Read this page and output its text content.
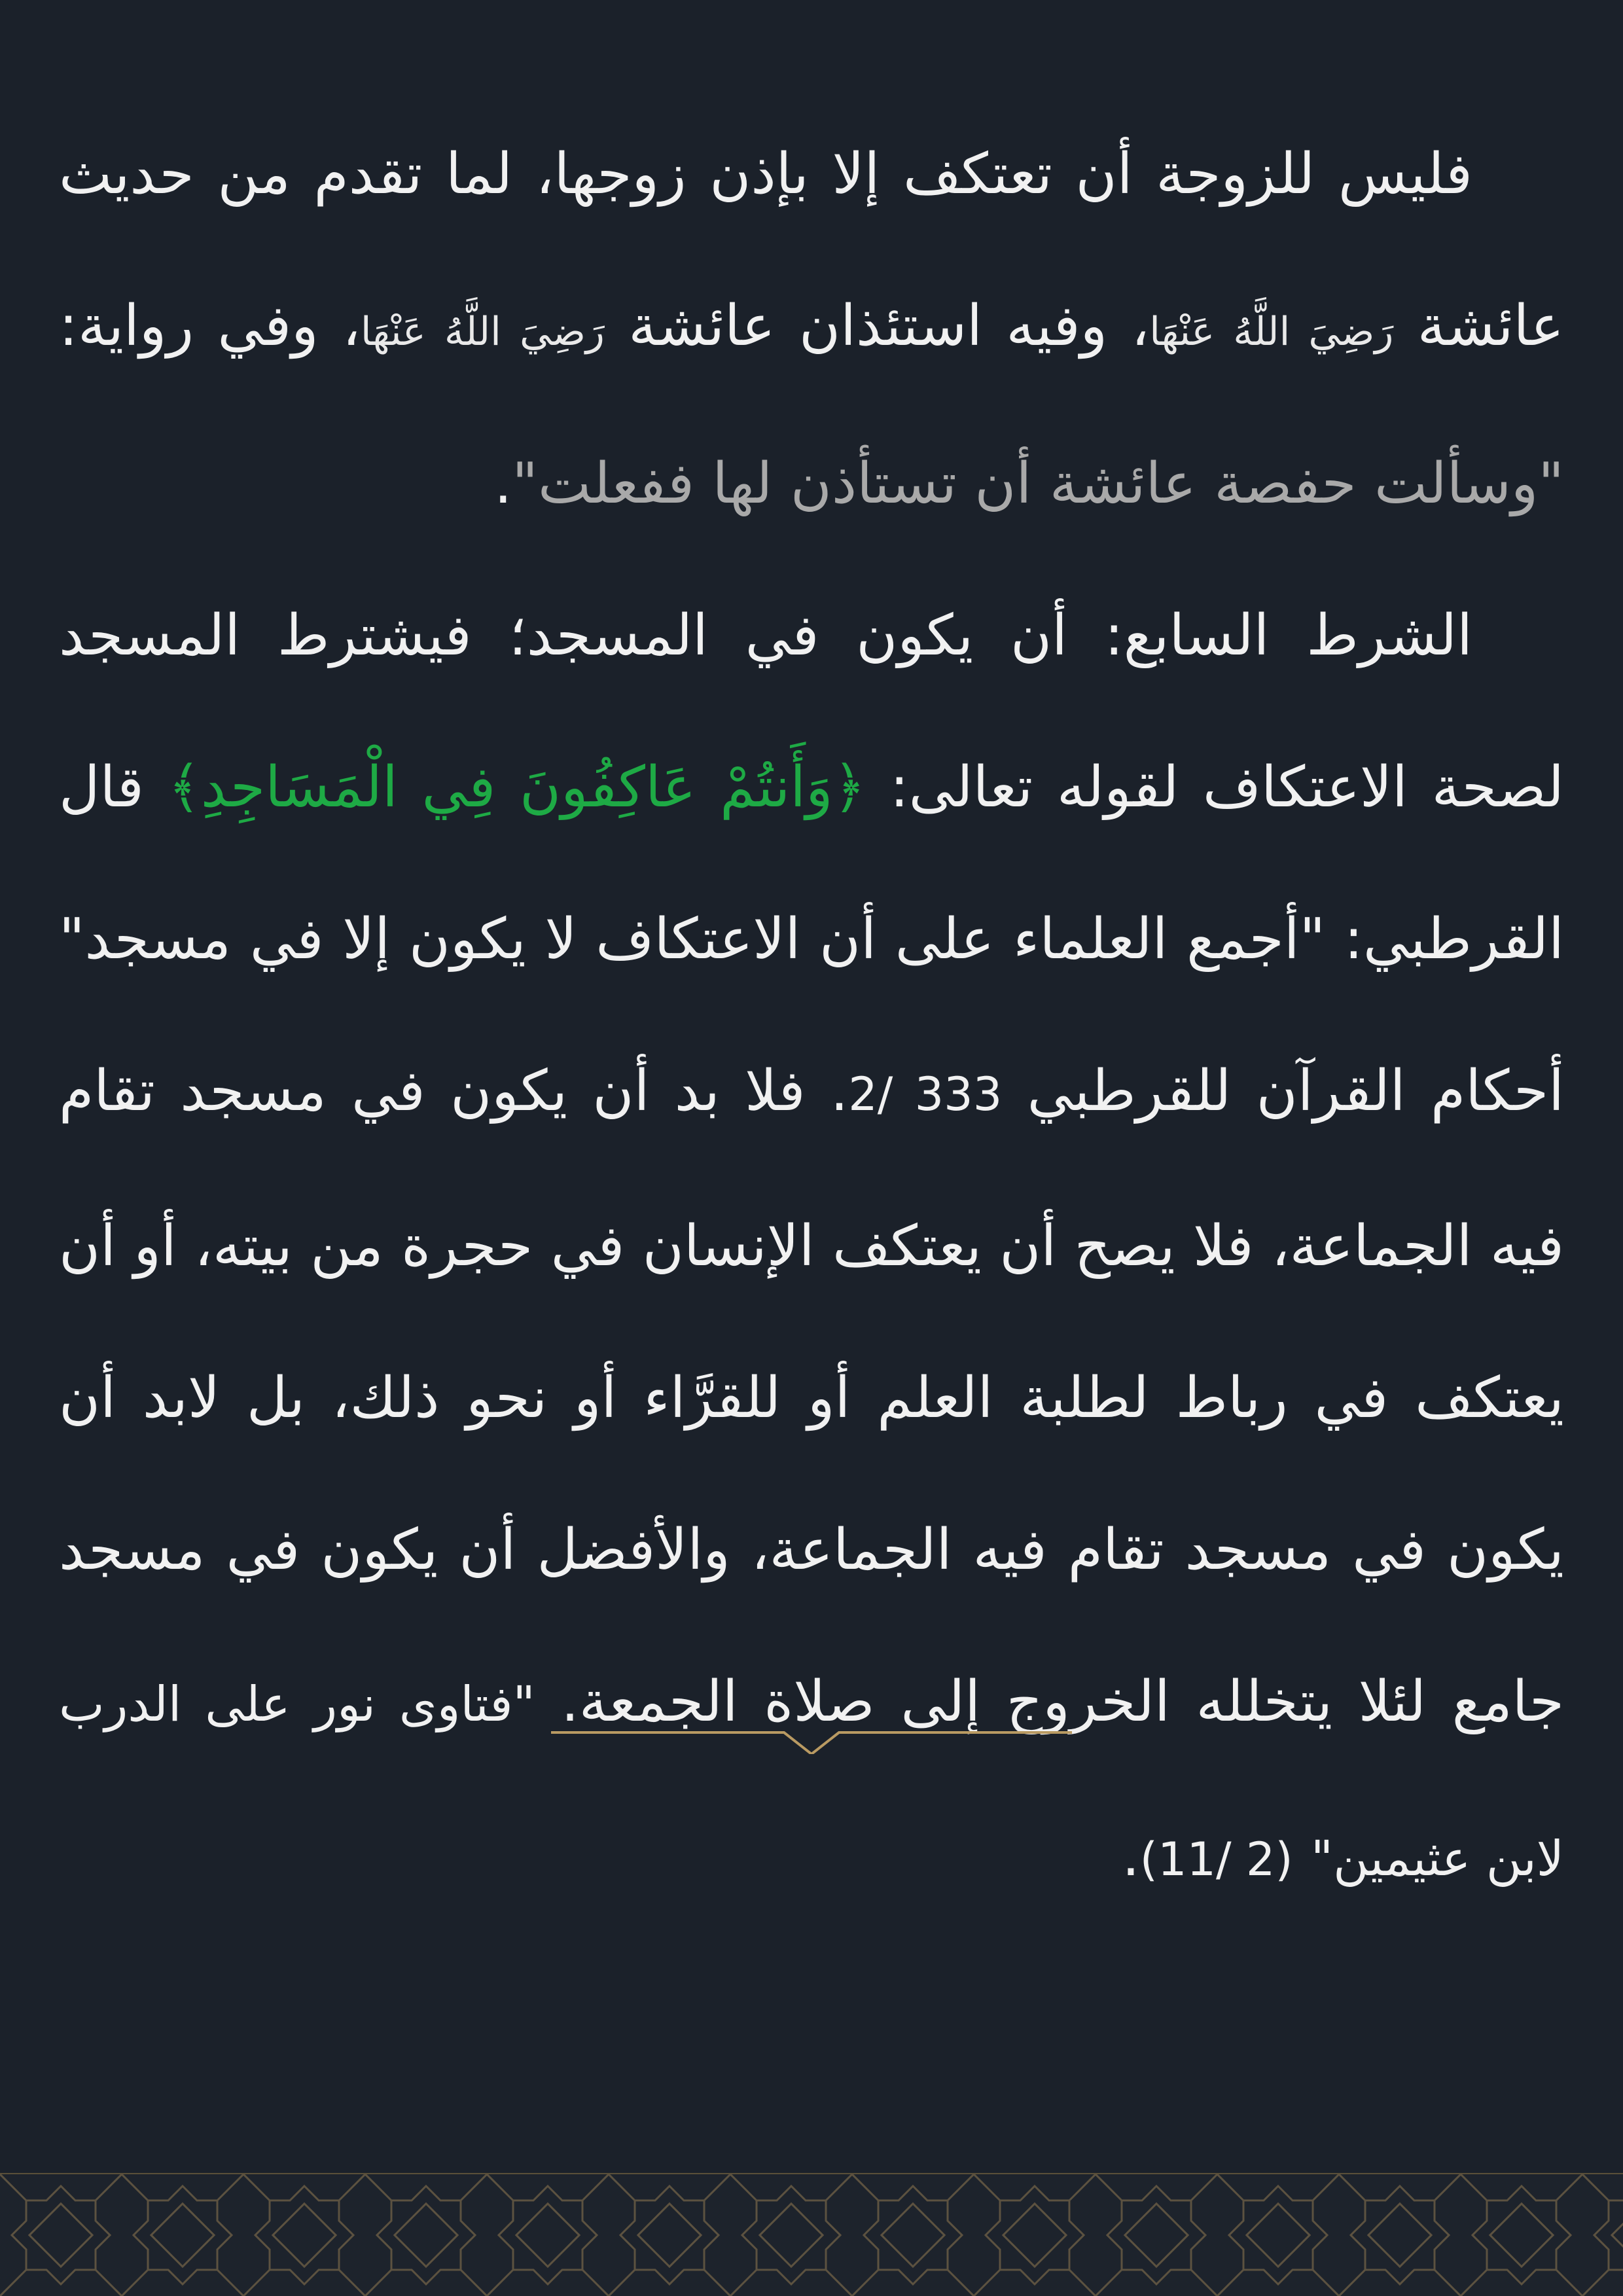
فليس للزوجة أن تعتكف إلا بإذن زوجها، لما تقدم من حديث عائشة رَضِيَ اللَّهُ عَنْهَا، وفيه استئذان عائشة رَضِيَ اللَّهُ عَنْهَا، وفي رواية: "وسألت حفصة عائشة أن تستأذن لها ففعلت".

الشرط السابع: أن يكون في المسجد؛ فيشترط المسجد لصحة الاعتكاف لقوله تعالى: ﴿وَأَنتُمْ عَاكِفُونَ فِي الْمَسَاجِدِ﴾ قال القرطبي: "أجمع العلماء على أن الاعتكاف لا يكون إلا في مسجد" أحكام القرآن للقرطبي 2/ 333. فلا بد أن يكون في مسجد تقام فيه الجماعة، فلا يصح أن يعتكف الإنسان في حجرة من بيته، أو أن يعتكف في رباط لطلبة العلم أو للقرَّاء أو نحو ذلك، بل لابد أن يكون في مسجد تقام فيه الجماعة، والأفضل أن يكون في مسجد جامع لئلا يتخلله الخروج إلى صلاة الجمعة. "فتاوى نور على الدرب لابن عثيمين" (11/ 2).
